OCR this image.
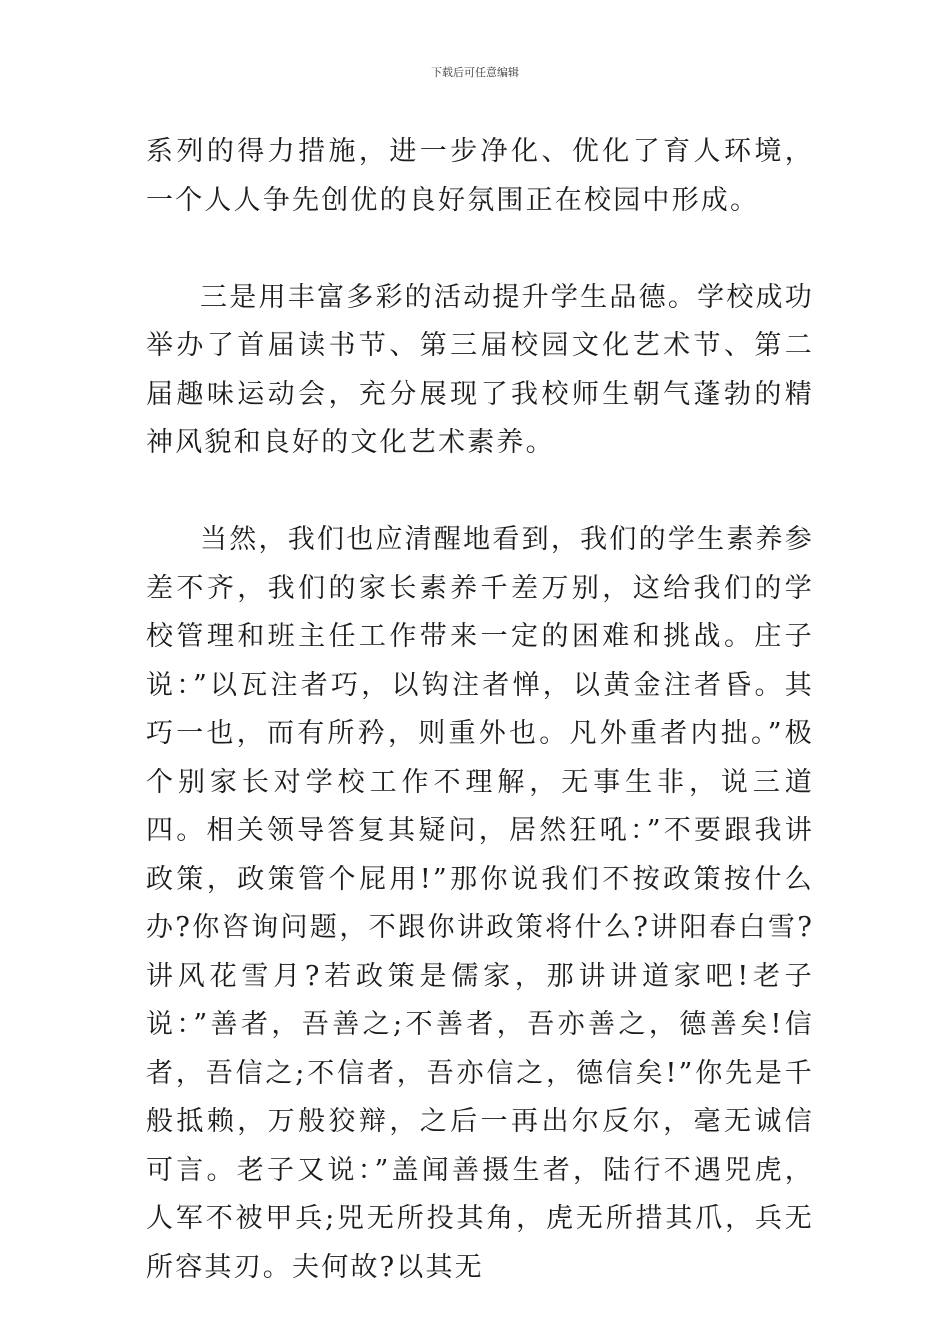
下载后可任意编辑

系列的得力措施，进一步净化、优化了育人环境，一个人人争先创优的良好氛围正在校园中形成。

三是用丰富多彩的活动提升学生品德。学校成功举办了首届读书节、第三届校园文化艺术节、第二届趣味运动会，充分展现了我校师生朝气蓬勃的精神风貌和良好的文化艺术素养。

当然，我们也应清醒地看到，我们的学生素养参差不齐，我们的家长素养千差万别，这给我们的学校管理和班主任工作带来一定的困难和挑战。庄子说：”以瓦注者巧，以钩注者惮，以黄金注者昏。其巧一也，而有所矜，则重外也。凡外重者内拙。”极个别家长对学校工作不理解，无事生非，说三道四。相关领导答复其疑问，居然狂吼：”不要跟我讲政策，政策管个屁用!”那你说我们不按政策按什么办?你咨询问题，不跟你讲政策将什么?讲阳春白雪?讲风花雪月?若政策是儒家，那讲讲道家吧!老子说：”善者，吾善之;不善者，吾亦善之，德善矣!信者，吾信之;不信者，吾亦信之，德信矣!”你先是千般抵赖，万般狡辩，之后一再出尔反尔，毫无诚信可言。老子又说：”盖闻善摄生者，陆行不遇兕虎，人军不被甲兵;兕无所投其角，虎无所措其爪，兵无所容其刃。夫何故?以其无
